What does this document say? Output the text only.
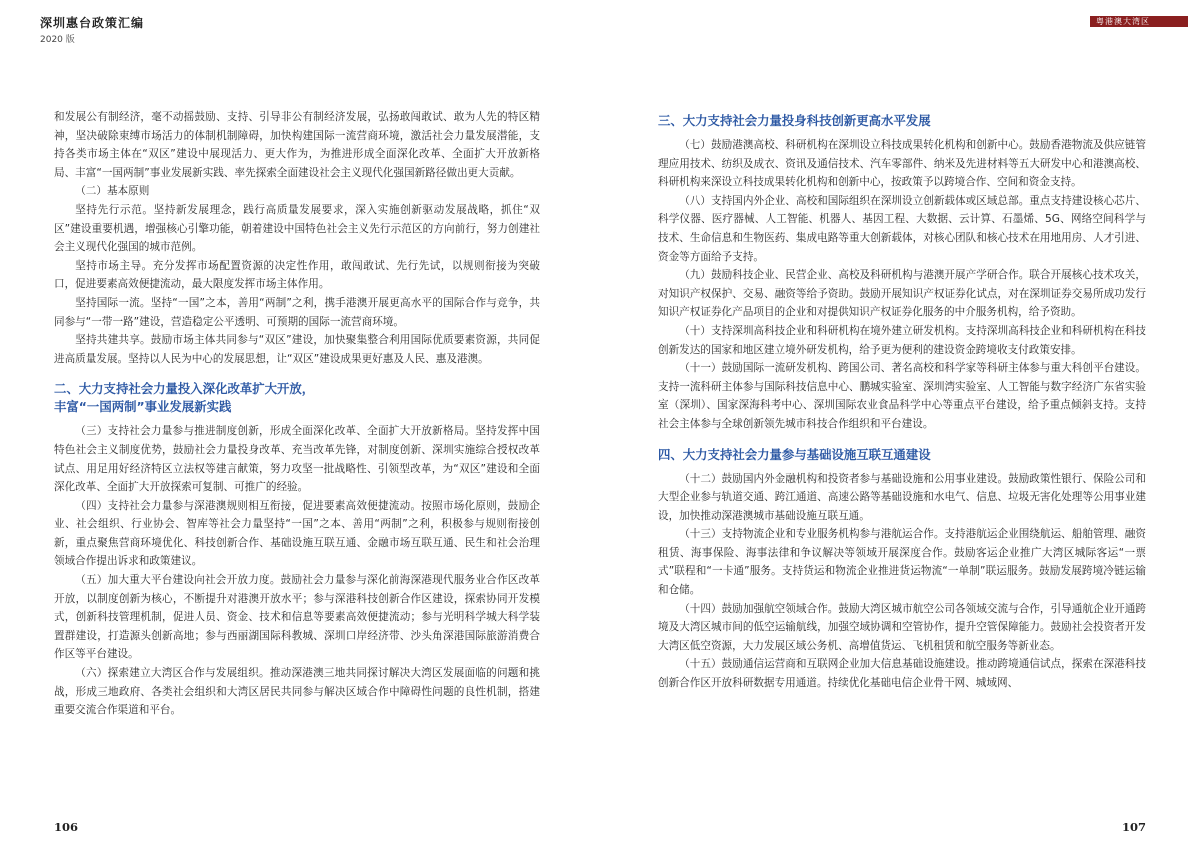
深圳惠台政策汇编
2020 版
粤港澳大湾区

和发展公有制经济，毫不动摇鼓励、支持、引导非公有制经济发展，弘扬敢闯敢试、敢为人先的特区精神，坚决破除束缚市场活力的体制机制障碍，加快构建国际一流营商环境，激活社会力量发展潜能，支持各类市场主体在“双区”建设中展现活力、更大作为，为推进形成全面深化改革、全面扩大开放新格局、丰富“一国两制”事业发展新实践、率先探索全面建设社会主义现代化强国新路径做出更大贡献。

（二）基本原则

坚持先行示范。坚持新发展理念，践行高质量发展要求，深入实施创新驱动发展战略，抓住“双区”建设重要机遇，增强核心引擎功能，朝着建设中国特色社会主义先行示范区的方向前行，努力创建社会主义现代化强国的城市范例。

坚持市场主导。充分发挥市场配置资源的决定性作用，敢闯敢试、先行先试，以规则衔接为突破口，促进要素高效便捷流动，最大限度发挥市场主体作用。

坚持国际一流。坚持“一国”之本，善用“两制”之利，携手港澳开展更高水平的国际合作与竞争，共同参与“一带一路”建设，营造稳定公平透明、可预期的国际一流营商环境。

坚持共建共享。鼓励市场主体共同参与“双区”建设，加快聚集整合利用国际优质要素资源，共同促进高质量发展。坚持以人民为中心的发展思想，让“双区”建设成果更好惠及人民、惠及港澳。

二、大力支持社会力量投入深化改革扩大开放，
丰富“一国两制”事业发展新实践

（三）支持社会力量参与推进制度创新，形成全面深化改革、全面扩大开放新格局。坚持发挥中国特色社会主义制度优势，鼓励社会力量投身改革、充当改革先锋，对制度创新、深圳实施综合授权改革试点、用足用好经济特区立法权等建言献策，努力攻坚一批战略性、引领型改革，为“双区”建设和全面深化改革、全面扩大开放探索可复制、可推广的经验。

（四）支持社会力量参与深港澳规则相互衔接，促进要素高效便捷流动。按照市场化原则，鼓励企业、社会组织、行业协会、智库等社会力量坚持“一国”之本、善用“两制”之利，积极参与规则衔接创新，重点聚焦营商环境优化、科技创新合作、基础设施互联互通、金融市场互联互通、民生和社会治理领域合作提出诉求和政策建议。

（五）加大重大平台建设向社会开放力度。鼓励社会力量参与深化前海深港现代服务业合作区改革开放，以制度创新为核心，不断提升对港澳开放水平；参与深港科技创新合作区建设，探索协同开发模式，创新科技管理机制，促进人员、资金、技术和信息等要素高效便捷流动；参与光明科学城大科学装置群建设，打造源头创新高地；参与西丽湖国际科教城、深圳口岸经济带、沙头角深港国际旅游消费合作区等平台建设。

（六）探索建立大湾区合作与发展组织。推动深港澳三地共同探讨解决大湾区发展面临的问题和挑战，形成三地政府、各类社会组织和大湾区居民共同参与解决区域合作中障碍性问题的良性机制，搭建重要交流合作渠道和平台。

三、大力支持社会力量投身科技创新更高水平发展

（七）鼓励港澳高校、科研机构在深圳设立科技成果转化机构和创新中心。鼓励香港物流及供应链管理应用技术、纺织及成衣、资讯及通信技术、汽车零部件、纳米及先进材料等五大研发中心和港澳高校、科研机构来深设立科技成果转化机构和创新中心，按政策予以跨境合作、空间和资金支持。

（八）支持国内外企业、高校和国际组织在深圳设立创新载体或区域总部。重点支持建设核心芯片、科学仪器、医疗器械、人工智能、机器人、基因工程、大数据、云计算、石墨烯、5G、网络空间科学与技术、生命信息和生物医药、集成电路等重大创新载体，对核心团队和核心技术在用地用房、人才引进、资金等方面给予支持。

（九）鼓励科技企业、民营企业、高校及科研机构与港澳开展产学研合作。联合开展核心技术攻关，对知识产权保护、交易、融资等给予资助。鼓励开展知识产权证券化试点，对在深圳证券交易所成功发行知识产权证券化产品项目的企业和对提供知识产权证券化服务的中介服务机构，给予资助。

（十）支持深圳高科技企业和科研机构在境外建立研发机构。支持深圳高科技企业和科研机构在科技创新发达的国家和地区建立境外研发机构，给予更为便利的建设资金跨境收支付政策安排。

（十一）鼓励国际一流研发机构、跨国公司、著名高校和科学家等科研主体参与重大科创平台建设。支持一流科研主体参与国际科技信息中心、鹏城实验室、深圳湾实验室、人工智能与数字经济广东省实验室（深圳）、国家深海科考中心、深圳国际农业食品科学中心等重点平台建设，给予重点倾斜支持。支持社会主体参与全球创新领先城市科技合作组织和平台建设。

四、大力支持社会力量参与基础设施互联互通建设

（十二）鼓励国内外金融机构和投资者参与基础设施和公用事业建设。鼓励政策性银行、保险公司和大型企业参与轨道交通、跨江通道、高速公路等基础设施和水电气、信息、垃圾无害化处理等公用事业建设，加快推动深港澳城市基础设施互联互通。

（十三）支持物流企业和专业服务机构参与港航运合作。支持港航运企业围绕航运、船舶管理、融资租赁、海事保险、海事法律和争议解决等领域开展深度合作。鼓励客运企业推广大湾区城际客运“一票式”联程和“一卡通”服务。支持货运和物流企业推进货运物流“一单制”联运服务。鼓励发展跨境冷链运输和仓储。

（十四）鼓励加强航空领域合作。鼓励大湾区城市航空公司各领域交流与合作，引导通航企业开通跨境及大湾区城市间的低空运输航线，加强空域协调和空管协作，提升空管保障能力。鼓励社会投资者开发大湾区低空资源，大力发展区域公务机、高增值货运、飞机租赁和航空服务等新业态。

（十五）鼓励通信运营商和互联网企业加大信息基础设施建设。推动跨境通信试点，探索在深港科技创新合作区开放科研数据专用通道。持续优化基础电信企业骨干网、城域网、

106	107
